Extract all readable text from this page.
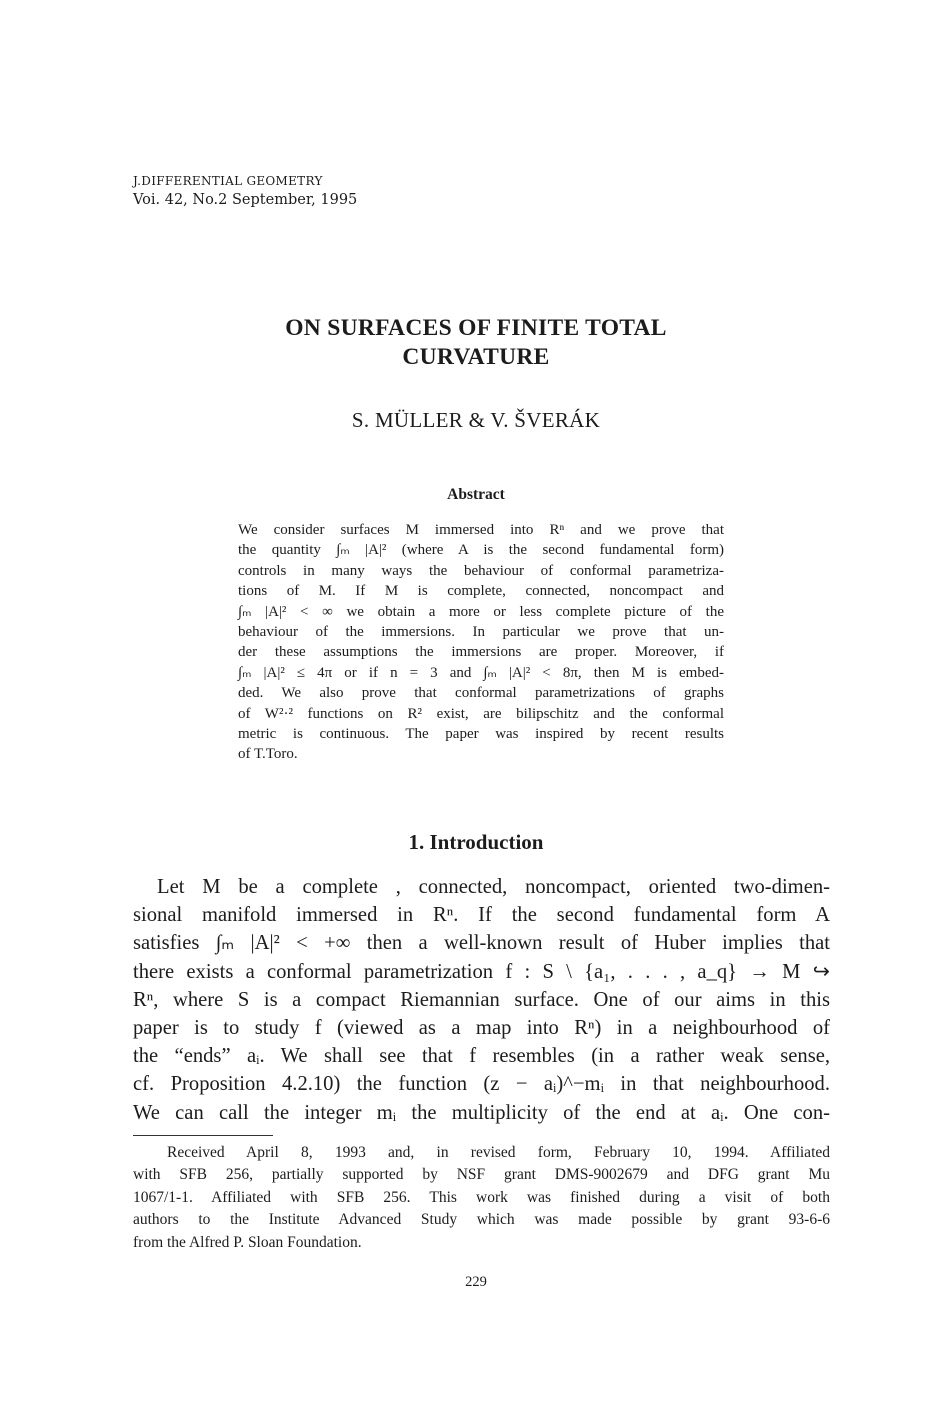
J.DIFFERENTIAL GEOMETRY
Voi. 42, No.2 September, 1995
ON SURFACES OF FINITE TOTAL
CURVATURE
S. MÜLLER & V. ŠVERÁK
Abstract
We consider surfaces M immersed into Rⁿ and we prove that
the quantity ∫ₘ |A|² (where A is the second fundamental form)
controls in many ways the behaviour of conformal parametriza-
tions of M. If M is complete, connected, noncompact and
∫ₘ |A|² < ∞ we obtain a more or less complete picture of the
behaviour of the immersions. In particular we prove that un-
der these assumptions the immersions are proper. Moreover, if
∫ₘ |A|² ≤ 4π or if n = 3 and ∫ₘ |A|² < 8π, then M is embed-
ded. We also prove that conformal parametrizations of graphs
of W²·² functions on R² exist, are bilipschitz and the conformal
metric is continuous. The paper was inspired by recent results
of T.Toro.
1. Introduction
Let M be a complete , connected, noncompact, oriented two-dimen-
sional manifold immersed in Rⁿ. If the second fundamental form A
satisfies ∫ₘ |A|² < +∞ then a well-known result of Huber implies that
there exists a conformal parametrization f : S \ {a₁, . . . , a_q} → M ↪
Rⁿ, where S is a compact Riemannian surface. One of our aims in this
paper is to study f (viewed as a map into Rⁿ) in a neighbourhood of
the “ends” aᵢ. We shall see that f resembles (in a rather weak sense,
cf. Proposition 4.2.10) the function (z − aᵢ)^−mᵢ in that neighbourhood.
We can call the integer mᵢ the multiplicity of the end at aᵢ. One con-
Received April 8, 1993 and, in revised form, February 10, 1994. Affiliated
with SFB 256, partially supported by NSF grant DMS-9002679 and DFG grant Mu
1067/1-1. Affiliated with SFB 256. This work was finished during a visit of both
authors to the Institute Advanced Study which was made possible by grant 93-6-6
from the Alfred P. Sloan Foundation.
229
